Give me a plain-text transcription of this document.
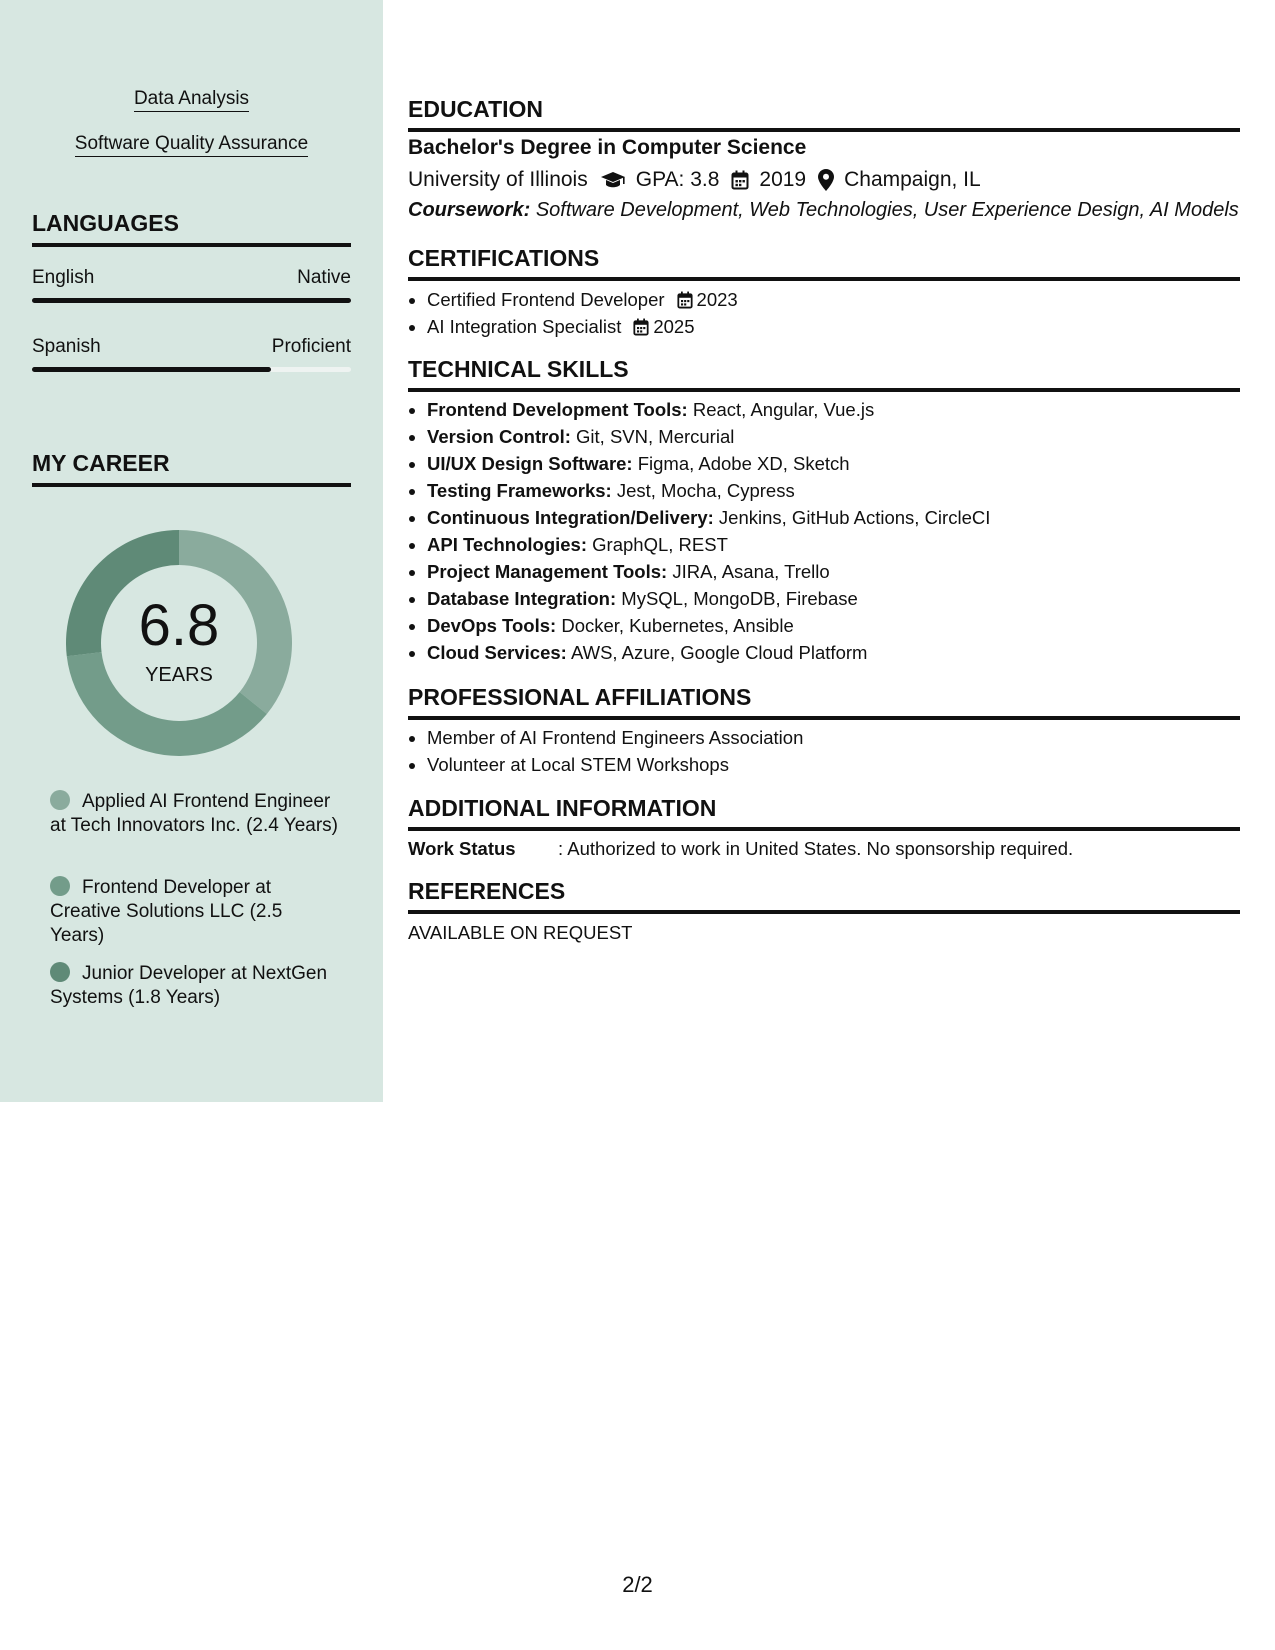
Data Analysis
Software Quality Assurance
LANGUAGES
English	Native
Spanish	Proficient
MY CAREER
6.8
YEARS
Applied AI Frontend Engineer at Tech Innovators Inc. (2.4 Years)
Frontend Developer at Creative Solutions LLC (2.5 Years)
Junior Developer at NextGen Systems (1.8 Years)
EDUCATION
Bachelor's Degree in Computer Science
University of Illinois GPA: 3.8 2019 Champaign, IL
Coursework: Software Development, Web Technologies, User Experience Design, AI Models
CERTIFICATIONS
• Certified Frontend Developer 2023
• AI Integration Specialist 2025
TECHNICAL SKILLS
• Frontend Development Tools: React, Angular, Vue.js
• Version Control: Git, SVN, Mercurial
• UI/UX Design Software: Figma, Adobe XD, Sketch
• Testing Frameworks: Jest, Mocha, Cypress
• Continuous Integration/Delivery: Jenkins, GitHub Actions, CircleCI
• API Technologies: GraphQL, REST
• Project Management Tools: JIRA, Asana, Trello
• Database Integration: MySQL, MongoDB, Firebase
• DevOps Tools: Docker, Kubernetes, Ansible
• Cloud Services: AWS, Azure, Google Cloud Platform
PROFESSIONAL AFFILIATIONS
• Member of AI Frontend Engineers Association
• Volunteer at Local STEM Workshops
ADDITIONAL INFORMATION
Work Status	: Authorized to work in United States. No sponsorship required.
REFERENCES
AVAILABLE ON REQUEST
2/2
